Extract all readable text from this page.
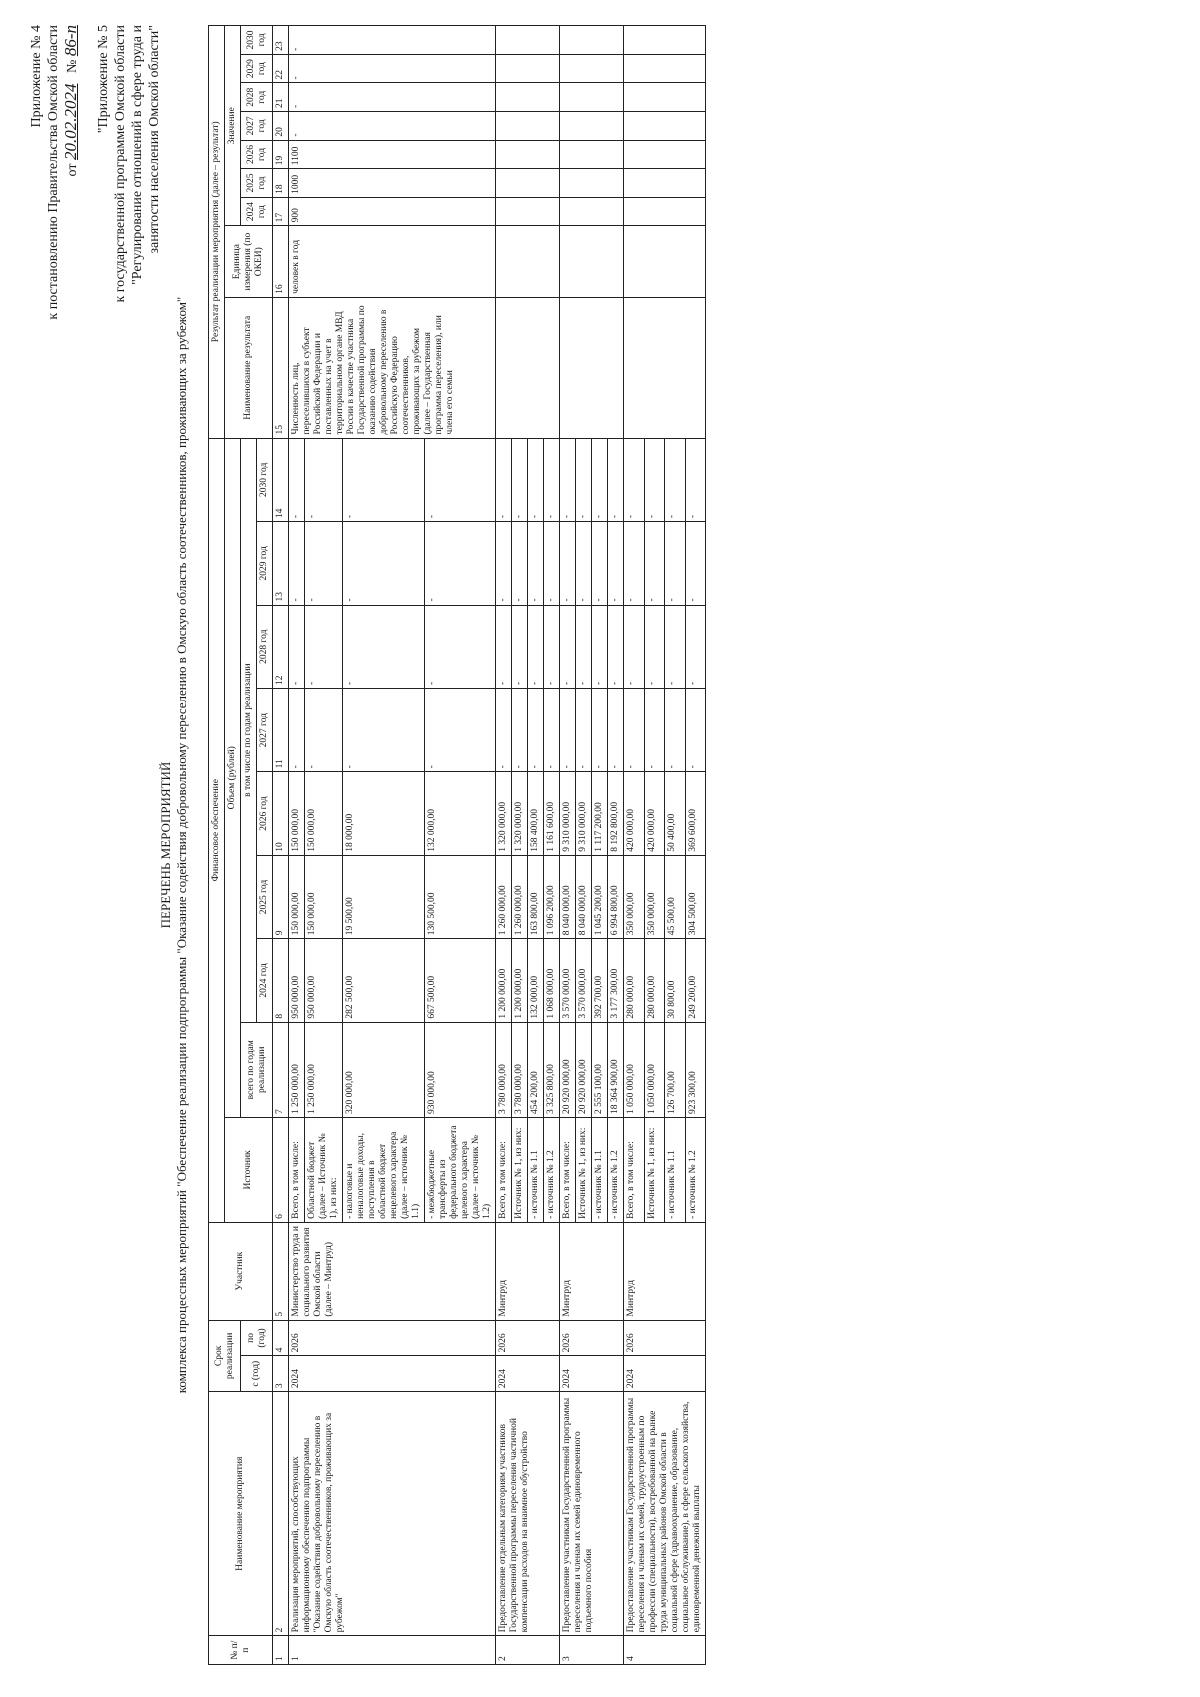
Приложение № 4 к постановлению Правительства Омской области от 20.02.2024   № 86-п "Приложение № 5 к государственной программе Омской области "Регулирование отношений в сфере труда и занятости населения Омской области"
ПЕРЕЧЕНЬ МЕРОПРИЯТИЙ комплекса процессных мероприятий "Обеспечение реализации подпрограммы "Оказание содействия добровольному переселению в Омскую область соотечественников, проживающих за рубежом"
№ п/п	Наименование мероприятия	Срок реализации		Участник	Финансовое обеспечение									Результат реализации мероприятия (далее – результат)								
					Источник	Объем (рублей)								Наименование результата	Единица измерения (по ОКЕИ)	Значение						
		с (год)	по (год)			всего по годам реализации	в том числе по годам реализации									2024 год	2025 год	2026 год	2027 год	2028 год	2029 год	2030 год
							2024 год	2025 год	2026 год	2027 год	2028 год	2029 год	2030 год									
1	2	3	4	5	6	7	8	9	10	11	12	13	14	15	16	17	18	19	20	21	22	23
1	Реализация мероприятий, способствующих информационному обеспечению подпрограммы "Оказание содействия добровольному переселению в Омскую область соотечественников, проживающих за рубежом"	2024	2026	Министерство труда и социального развития Омской области (далее – Минтруд)	Всего, в том числе:	1 250 000,00	950 000,00	150 000,00	150 000,00	-	-	-	-	Численность лиц, переселившихся в субъект Российской Федерации и поставленных на учет в территориальном органе МВД России в качестве участника Государственной программы по оказанию содействия добровольному переселению в Российскую Федерацию соотечественников, проживающих за рубежом (далее – Государственная программа переселения), или члена его семьи	человек в год	900	1000	1100	-	-	-	-
					Областной бюджет (далее – Источник № 1), из них:	1 250 000,00	950 000,00	150 000,00	150 000,00	-	-	-	-									
					- налоговые и неналоговые доходы, поступления в областной бюджет нецелевого характера (далее – источник № 1.1)	320 000,00	282 500,00	19 500,00	18 000,00	-	-	-	-									
					- межбюджетные трансферты из федерального бюджета целевого характера (далее – источник № 1.2)	930 000,00	667 500,00	130 500,00	132 000,00	-	-	-	-									
2	Предоставление отдельным категориям участников Государственной программы переселения частичной компенсации расходов на внаимное обустройство	2024	2026	Минтруд	Всего, в том числе:	3 780 000,00	1 200 000,00	1 260 000,00	1 320 000,00	-	-	-	-									
					Источник № 1, из них:	3 780 000,00	1 200 000,00	1 260 000,00	1 320 000,00	-	-	-	-									
					- источник № 1.1	454 200,00	132 000,00	163 800,00	158 400,00	-	-	-	-									
					- источник № 1.2	3 325 800,00	1 068 000,00	1 096 200,00	1 161 600,00	-	-	-	-									
3	Предоставление участникам Государственной программы переселения и членам их семей единовременного подъемного пособия	2024	2026	Минтруд	Всего, в том числе:	20 920 000,00	3 570 000,00	8 040 000,00	9 310 000,00	-	-	-	-									
					Источник № 1, из них:	20 920 000,00	3 570 000,00	8 040 000,00	9 310 000,00	-	-	-	-									
					- источник № 1.1	2 555 100,00	392 700,00	1 045 200,00	1 117 200,00	-	-	-	-									
					- источник № 1.2	18 364 900,00	3 177 300,00	6 994 800,00	8 192 800,00	-	-	-	-									
4	Предоставление участникам Государственной программы переселения и членам их семей, трудоустроенным по профессии (специальности), востребованной на рынке труда муниципальных районов Омской области в социальной сфере (здравоохранение, образование, социальное обслуживание), в сфере сельского хозяйства, единовременной денежной выплаты	2024	2026	Минтруд	Всего, в том числе:	1 050 000,00	280 000,00	350 000,00	420 000,00	-	-	-	-									
					Источник № 1, из них:	1 050 000,00	280 000,00	350 000,00	420 000,00	-	-	-	-									
					- источник № 1.1	126 700,00	30 800,00	45 500,00	50 400,00	-	-	-	-									
					- источник № 1.2	923 300,00	249 200,00	304 500,00	369 600,00	-	-	-	-									
